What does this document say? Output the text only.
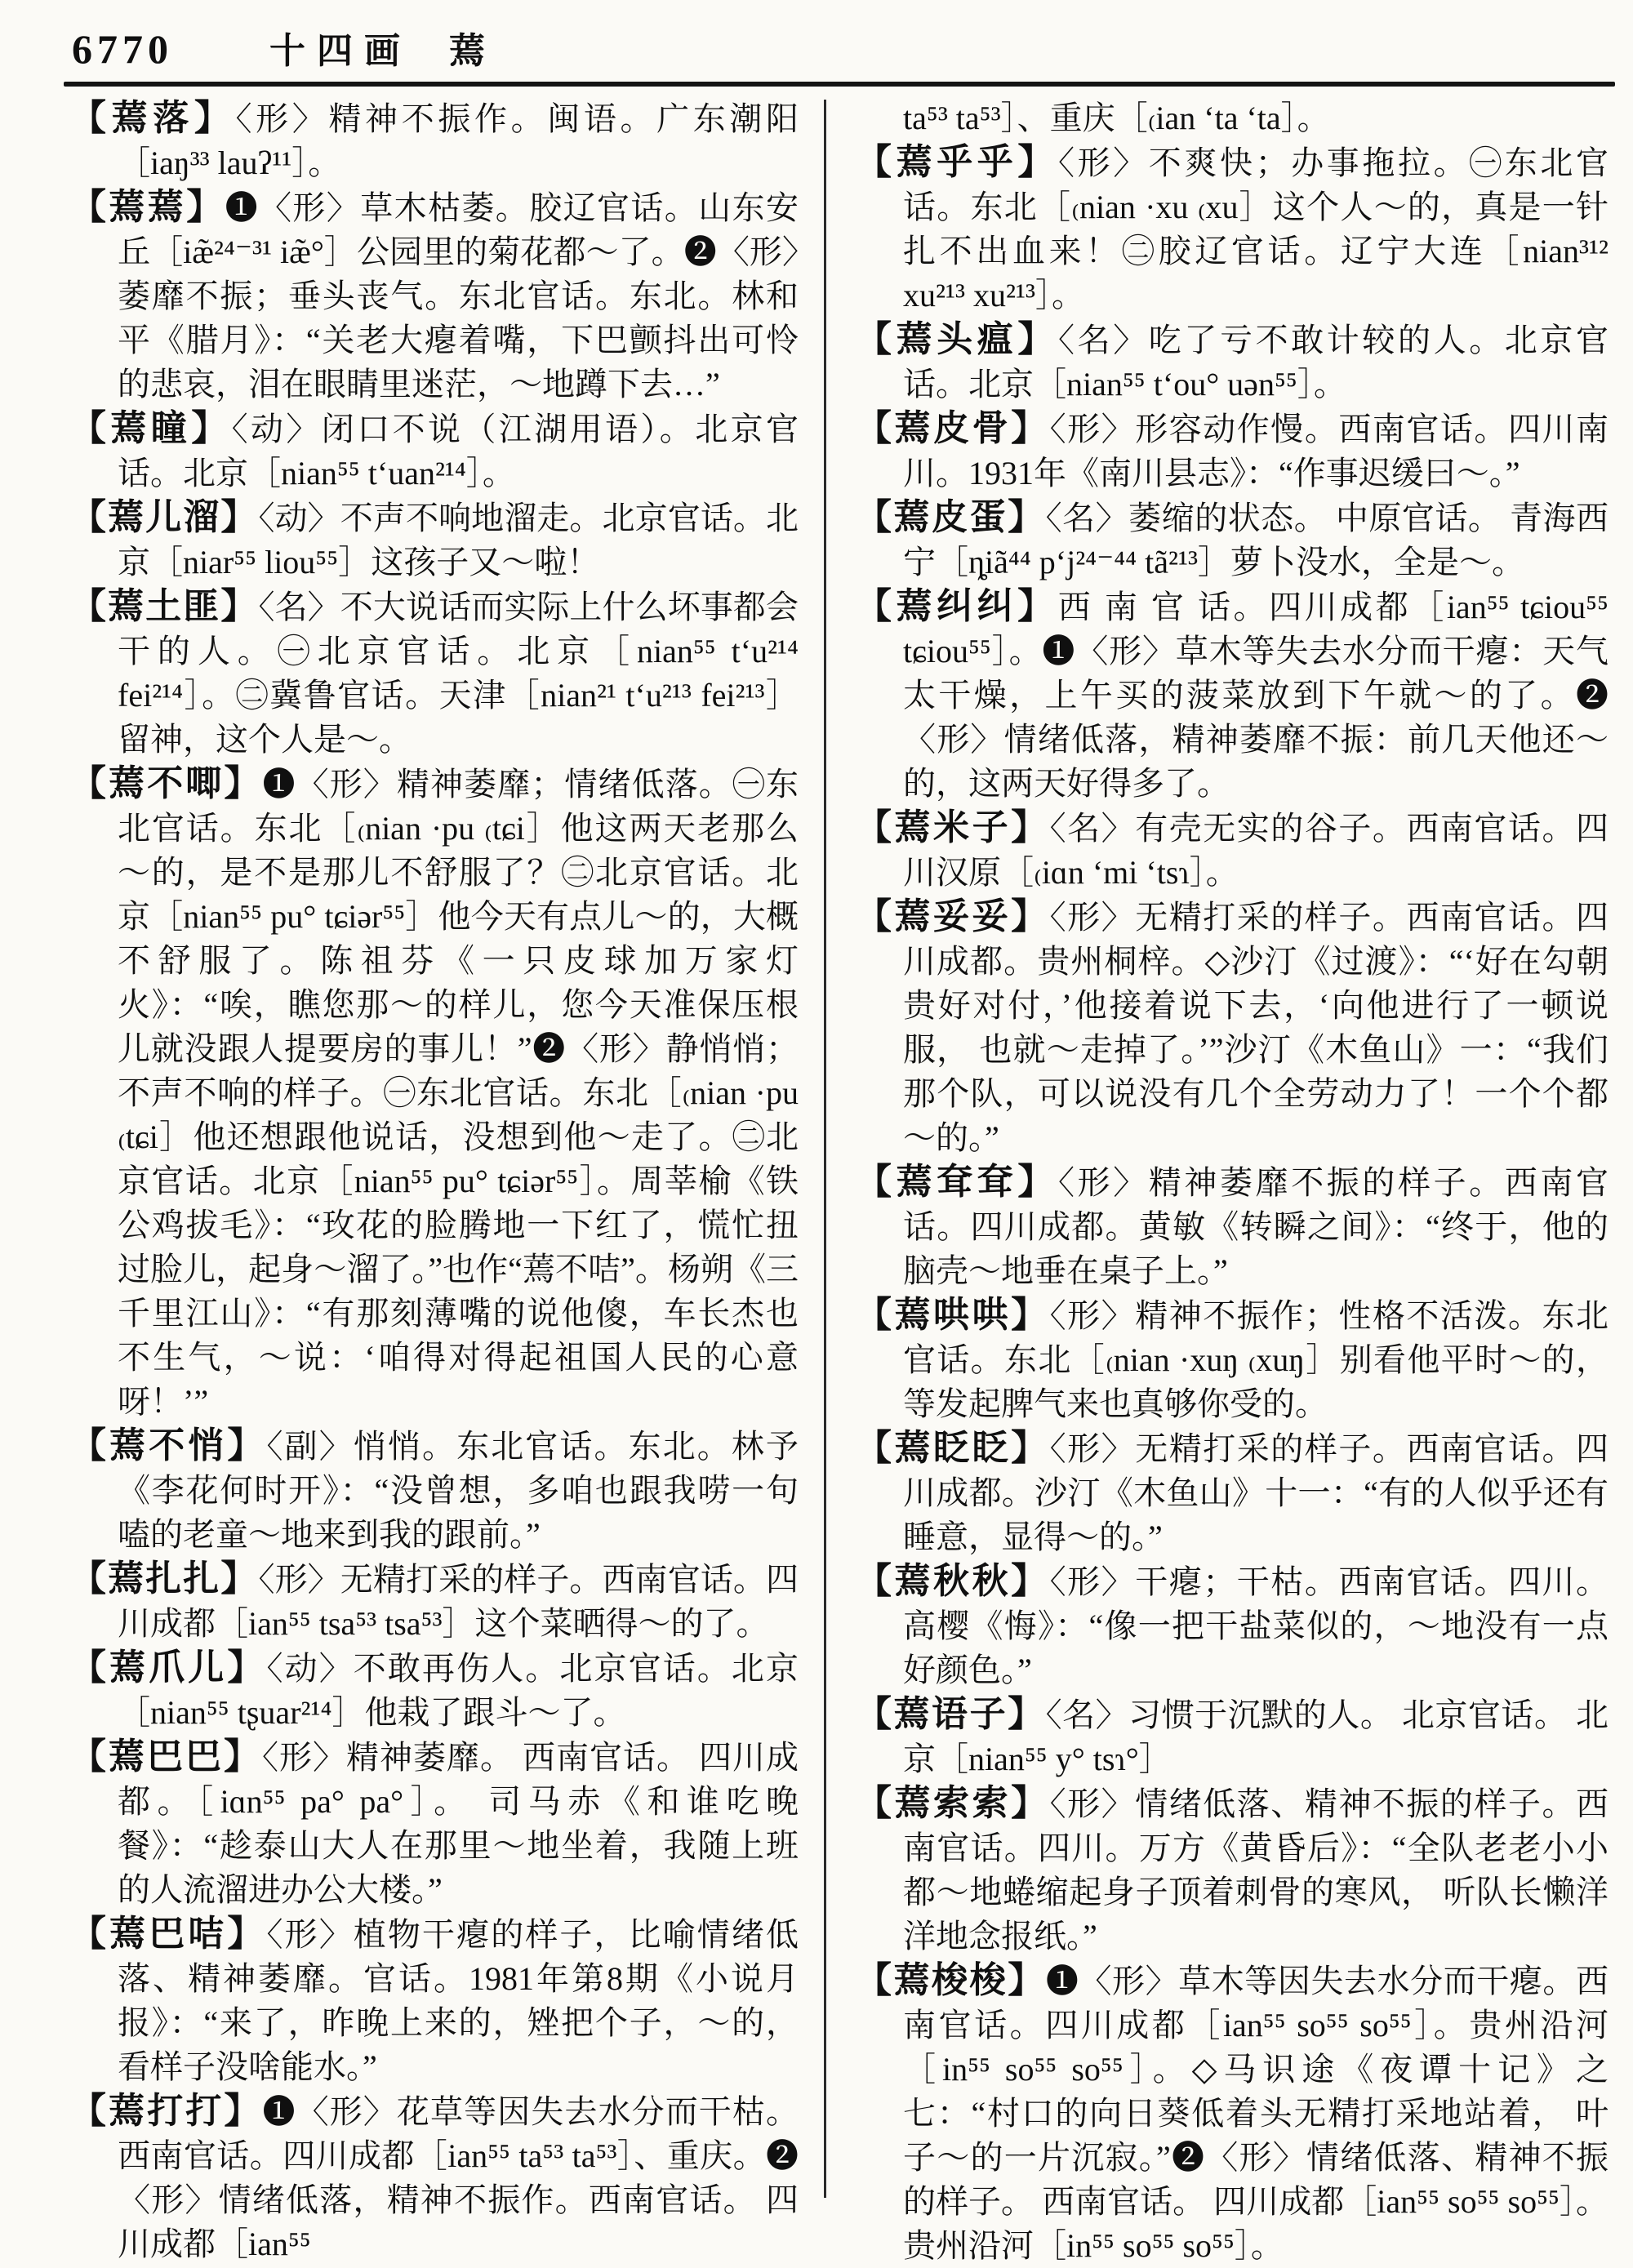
6770	十四画 蔫

【蔫落】〈形〉精神不振作。闽语。广东潮阳［iaŋ³³ lauʔ¹¹］。

【蔫蔫】❶〈形〉草木枯萎。胶辽官话。山东安丘［iæ̃²⁴⁻³¹ iæ̃°］公园里的菊花都～了。❷〈形〉萎靡不振；垂头丧气。东北官话。东北。林和平《腊月》：“关老大瘪着嘴，下巴颤抖出可怜的悲哀，泪在眼睛里迷茫，～地蹲下去…”

【蔫瞳】〈动〉闭口不说（江湖用语）。北京官话。北京［nian⁵⁵ t‘uan²¹⁴］。

【蔫儿溜】〈动〉不声不响地溜走。北京官话。北京［niar⁵⁵ liou⁵⁵］这孩子又～啦！

【蔫土匪】〈名〉不大说话而实际上什么坏事都会干的人。㊀北京官话。北京［nian⁵⁵ t‘u²¹⁴ fei²¹⁴］。㊁冀鲁官话。天津［nian²¹ t‘u²¹³ fei²¹³］留神，这个人是～。

【蔫不唧】❶〈形〉精神萎靡；情绪低落。㊀东北官话。东北［₍nian ·pu ₍tɕi］他这两天老那么～的，是不是那儿不舒服了？㊁北京官话。北京［nian⁵⁵ pu° tɕiər⁵⁵］他今天有点儿～的，大概不舒服了。陈祖芬《一只皮球加万家灯火》：“唉，瞧您那～的样儿，您今天准保压根儿就没跟人提要房的事儿！”❷〈形〉静悄悄；不声不响的样子。㊀东北官话。东北［₍nian ·pu ₍tɕi］他还想跟他说话，没想到他～走了。㊁北京官话。北京［nian⁵⁵ pu° tɕiər⁵⁵］。周莘榆《铁公鸡拔毛》：“玫花的脸腾地一下红了，慌忙扭过脸儿，起身～溜了。”也作“蔫不咭”。杨朔《三千里江山》：“有那刻薄嘴的说他傻，车长杰也不生气，～说：‘咱得对得起祖国人民的心意呀！’”

【蔫不悄】〈副〉悄悄。东北官话。东北。林予《李花何时开》：“没曾想，多咱也跟我唠一句嗑的老童～地来到我的跟前。”

【蔫扎扎】〈形〉无精打采的样子。西南官话。四川成都［ian⁵⁵ tsa⁵³ tsa⁵³］这个菜晒得～的了。

【蔫爪儿】〈动〉不敢再伤人。北京官话。北京［nian⁵⁵ tʂuar²¹⁴］他栽了跟斗～了。

【蔫巴巴】〈形〉精神萎靡。 西南官话。 四川成都。［iɑn⁵⁵ pa° pa°］。 司马赤《和谁吃晚餐》：“趁泰山大人在那里～地坐着，我随上班的人流溜进办公大楼。”

【蔫巴咭】〈形〉植物干瘪的样子，比喻情绪低落、精神萎靡。官话。1981年第8期《小说月报》：“来了，昨晚上来的，矬把个子，～的，看样子没啥能水。”

【蔫打打】❶〈形〉花草等因失去水分而干枯。西南官话。四川成都［ian⁵⁵ ta⁵³ ta⁵³］、重庆。❷〈形〉情绪低落，精神不振作。西南官话。 四川成都［ian⁵⁵

ta⁵³ ta⁵³］、重庆［₍ian ʻta ʻta］。

【蔫乎乎】〈形〉不爽快；办事拖拉。㊀东北官话。东北［₍nian ·xu ₍xu］这个人～的，真是一针扎不出血来！㊁胶辽官话。辽宁大连［nian³¹² xu²¹³ xu²¹³］。

【蔫头瘟】〈名〉吃了亏不敢计较的人。北京官话。北京［nian⁵⁵ t‘ou° uən⁵⁵］。

【蔫皮骨】〈形〉形容动作慢。西南官话。四川南川。1931年《南川县志》：“作事迟缓曰～。”

【蔫皮蛋】〈名〉萎缩的状态。 中原官话。 青海西宁［ȵiã⁴⁴ p‘j²⁴⁻⁴⁴ tã²¹³］萝卜没水，全是～。

【蔫纠纠】西 南 官 话。四川成都［ian⁵⁵ tɕiou⁵⁵ tɕiou⁵⁵］。❶〈形〉草木等失去水分而干瘪：天气太干燥，上午买的菠菜放到下午就～的了。❷〈形〉情绪低落，精神萎靡不振：前几天他还～的，这两天好得多了。

【蔫米子】〈名〉有壳无实的谷子。西南官话。四川汉原［₍iɑn ʻmi ʻtsɿ］。

【蔫妥妥】〈形〉无精打采的样子。西南官话。四川成都。贵州桐梓。◇沙汀《过渡》：“‘好在勾朝贵好对付，’他接着说下去，‘向他进行了一顿说服， 也就～走掉了。’”沙汀《木鱼山》一：“我们那个队，可以说没有几个全劳动力了！一个个都～的。”

【蔫耷耷】〈形〉精神萎靡不振的样子。西南官话。四川成都。黄敏《转瞬之间》：“终于，他的脑壳～地垂在桌子上。”

【蔫哄哄】〈形〉精神不振作；性格不活泼。东北官话。东北［₍nian ·xuŋ ₍xuŋ］别看他平时～的，等发起脾气来也真够你受的。

【蔫眨眨】〈形〉无精打采的样子。西南官话。四川成都。沙汀《木鱼山》十一：“有的人似乎还有睡意，显得～的。”

【蔫秋秋】〈形〉干瘪；干枯。西南官话。四川。高樱《悔》：“像一把干盐菜似的，～地没有一点好颜色。”

【蔫语子】〈名〉习惯于沉默的人。 北京官话。 北京［nian⁵⁵ y° tsɿ°］

【蔫索索】〈形〉情绪低落、精神不振的样子。西南官话。四川。万方《黄昏后》：“全队老老小小都～地蜷缩起身子顶着刺骨的寒风， 听队长懒洋洋地念报纸。”

【蔫梭梭】❶〈形〉草木等因失去水分而干瘪。西南官话。四川成都［ian⁵⁵ so⁵⁵ so⁵⁵］。贵州沿河［in⁵⁵ so⁵⁵ so⁵⁵］。◇马识途《夜谭十记》之七：“村口的向日葵低着头无精打采地站着， 叶子～的一片沉寂。”❷〈形〉情绪低落、精神不振的样子。 西南官话。 四川成都［ian⁵⁵ so⁵⁵ so⁵⁵］。贵州沿河［in⁵⁵ so⁵⁵ so⁵⁵］。
